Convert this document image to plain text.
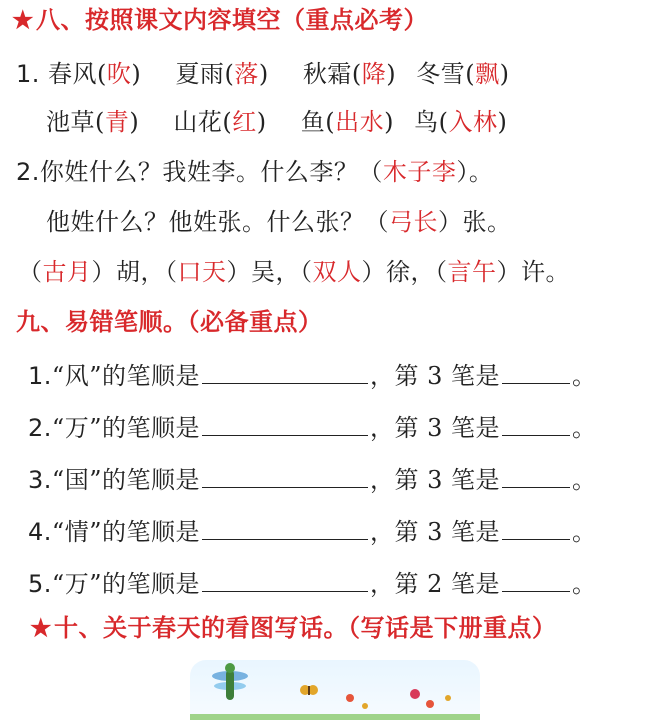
★八、按照课文内容填空（重点必考）
1. 春风(吹) 夏雨(落) 秋霜(降) 冬雪(飘)
池草(青) 山花(红) 鱼(出水) 鸟(入林)
2.你姓什么？我姓李。什么李？（木子李）。
他姓什么？他姓张。什么张？（弓长）张。
（古月）胡，（口天）吴，（双人）徐，（言午）许。
九、易错笔顺。（必备重点）
1.“风”的笔顺是	，第 3 笔是	。
2.“万”的笔顺是	，第 3 笔是	。
3.“国”的笔顺是	，第 3 笔是	。
4.“情”的笔顺是	，第 3 笔是	。
5.“万”的笔顺是	，第 2 笔是	。
★十、关于春天的看图写话。（写话是下册重点）
